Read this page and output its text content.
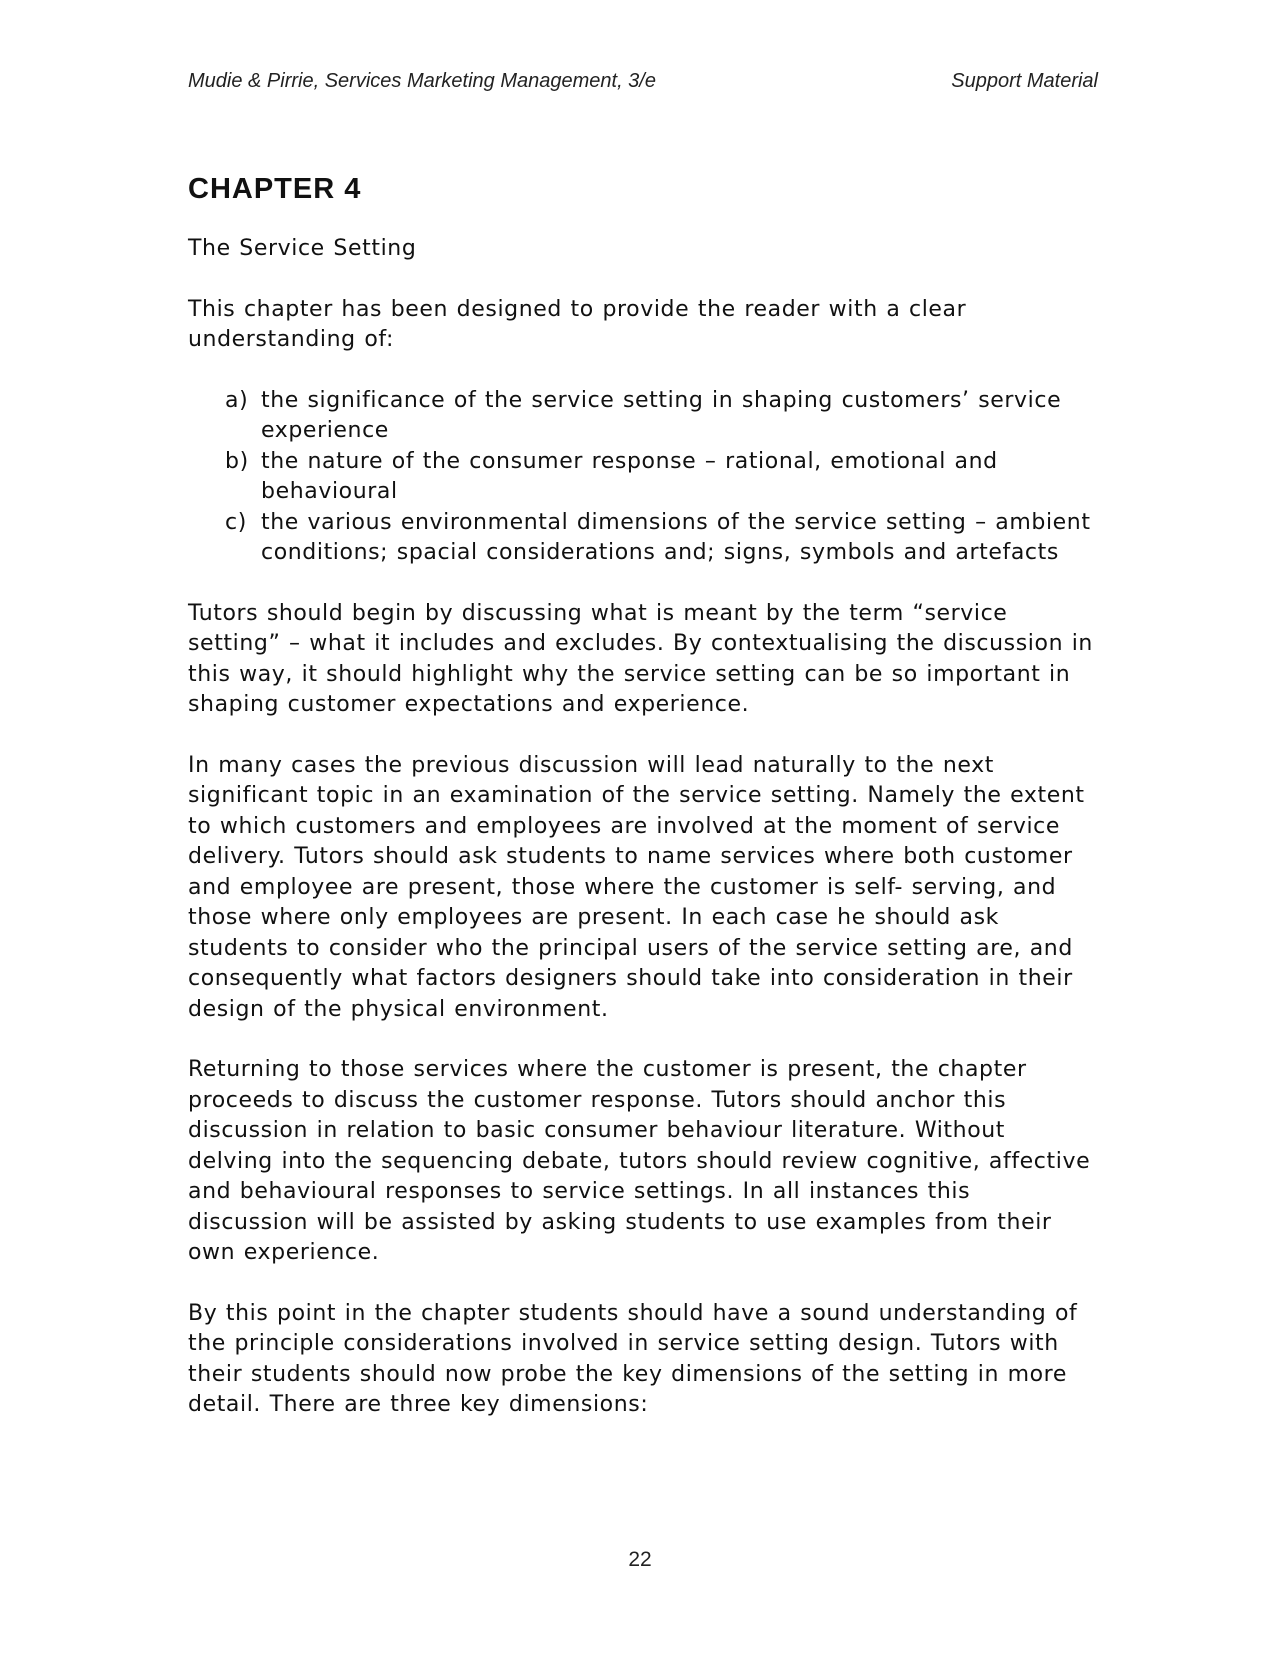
Mudie & Pirrie, Services Marketing Management, 3/e	Support Material
CHAPTER 4

The Service Setting

This chapter has been designed to provide the reader with a clear understanding of:

a) the significance of the service setting in shaping customers’ service experience
b) the nature of the consumer response – rational, emotional and behavioural
c) the various environmental dimensions of the service setting – ambient conditions; spacial considerations and; signs, symbols and artefacts

Tutors should begin by discussing what is meant by the term “service setting” – what it includes and excludes. By contextualising the discussion in this way, it should highlight why the service setting can be so important in shaping customer expectations and experience.

In many cases the previous discussion will lead naturally to the next significant topic in an examination of the service setting. Namely the extent to which customers and employees are involved at the moment of service delivery. Tutors should ask students to name services where both customer and employee are present, those where the customer is self- serving, and those where only employees are present. In each case he should ask students to consider who the principal users of the service setting are, and consequently what factors designers should take into consideration in their design of the physical environment.

Returning to those services where the customer is present, the chapter proceeds to discuss the customer response. Tutors should anchor this discussion in relation to basic consumer behaviour literature. Without delving into the sequencing debate, tutors should review cognitive, affective and behavioural responses to service settings. In all instances this discussion will be assisted by asking students to use examples from their own experience.

By this point in the chapter students should have a sound understanding of the principle considerations involved in service setting design. Tutors with their students should now probe the key dimensions of the setting in more detail. There are three key dimensions:

22
